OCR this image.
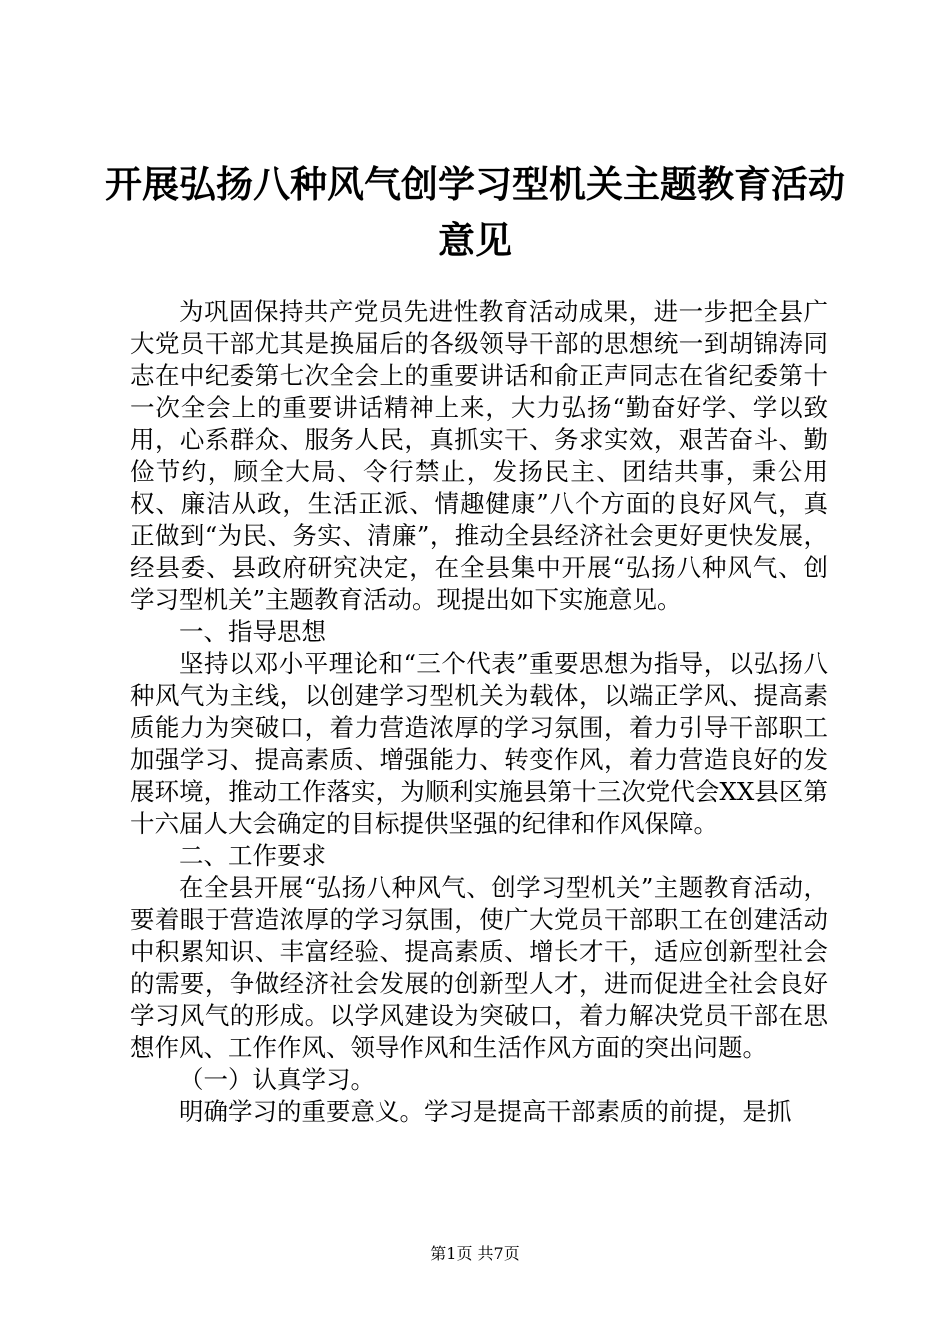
开展弘扬八种风气创学习型机关主题教育活动意见

为巩固保持共产党员先进性教育活动成果，进一步把全县广大党员干部尤其是换届后的各级领导干部的思想统一到胡锦涛同志在中纪委第七次全会上的重要讲话和俞正声同志在省纪委第十一次全会上的重要讲话精神上来，大力弘扬“勤奋好学、学以致用，心系群众、服务人民，真抓实干、务求实效，艰苦奋斗、勤俭节约，顾全大局、令行禁止，发扬民主、团结共事，秉公用权、廉洁从政，生活正派、情趣健康”八个方面的良好风气，真正做到“为民、务实、清廉”，推动全县经济社会更好更快发展，经县委、县政府研究决定，在全县集中开展“弘扬八种风气、创学习型机关”主题教育活动。现提出如下实施意见。

一、指导思想

坚持以邓小平理论和“三个代表”重要思想为指导，以弘扬八种风气为主线，以创建学习型机关为载体，以端正学风、提高素质能力为突破口，着力营造浓厚的学习氛围，着力引导干部职工加强学习、提高素质、增强能力、转变作风，着力营造良好的发展环境，推动工作落实，为顺利实施县第十三次党代会XX县区第十六届人大会确定的目标提供坚强的纪律和作风保障。

二、工作要求

在全县开展“弘扬八种风气、创学习型机关”主题教育活动，要着眼于营造浓厚的学习氛围，使广大党员干部职工在创建活动中积累知识、丰富经验、提高素质、增长才干，适应创新型社会的需要，争做经济社会发展的创新型人才，进而促进全社会良好学习风气的形成。以学风建设为突破口，着力解决党员干部在思想作风、工作作风、领导作风和生活作风方面的突出问题。

（一）认真学习。

明确学习的重要意义。学习是提高干部素质的前提，是抓

第1页 共7页
